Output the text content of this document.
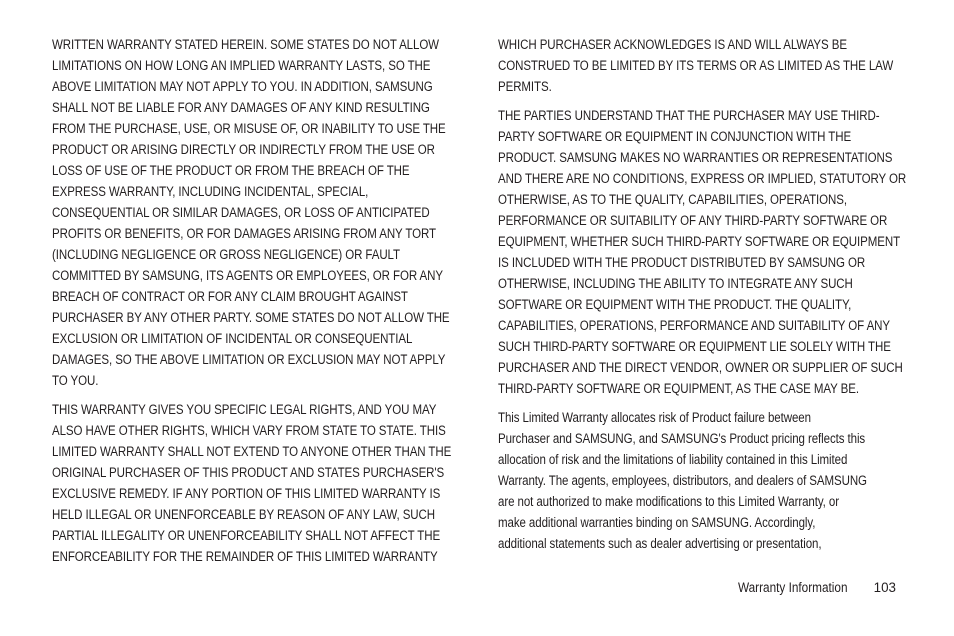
WRITTEN WARRANTY STATED HEREIN. SOME STATES DO NOT ALLOW
LIMITATIONS ON HOW LONG AN IMPLIED WARRANTY LASTS, SO THE
ABOVE LIMITATION MAY NOT APPLY TO YOU. IN ADDITION, SAMSUNG
SHALL NOT BE LIABLE FOR ANY DAMAGES OF ANY KIND RESULTING
FROM THE PURCHASE, USE, OR MISUSE OF, OR INABILITY TO USE THE
PRODUCT OR ARISING DIRECTLY OR INDIRECTLY FROM THE USE OR
LOSS OF USE OF THE PRODUCT OR FROM THE BREACH OF THE
EXPRESS WARRANTY, INCLUDING INCIDENTAL, SPECIAL,
CONSEQUENTIAL OR SIMILAR DAMAGES, OR LOSS OF ANTICIPATED
PROFITS OR BENEFITS, OR FOR DAMAGES ARISING FROM ANY TORT
(INCLUDING NEGLIGENCE OR GROSS NEGLIGENCE) OR FAULT
COMMITTED BY SAMSUNG, ITS AGENTS OR EMPLOYEES, OR FOR ANY
BREACH OF CONTRACT OR FOR ANY CLAIM BROUGHT AGAINST
PURCHASER BY ANY OTHER PARTY. SOME STATES DO NOT ALLOW THE
EXCLUSION OR LIMITATION OF INCIDENTAL OR CONSEQUENTIAL
DAMAGES, SO THE ABOVE LIMITATION OR EXCLUSION MAY NOT APPLY
TO YOU.
THIS WARRANTY GIVES YOU SPECIFIC LEGAL RIGHTS, AND YOU MAY
ALSO HAVE OTHER RIGHTS, WHICH VARY FROM STATE TO STATE. THIS
LIMITED WARRANTY SHALL NOT EXTEND TO ANYONE OTHER THAN THE
ORIGINAL PURCHASER OF THIS PRODUCT AND STATES PURCHASER'S
EXCLUSIVE REMEDY. IF ANY PORTION OF THIS LIMITED WARRANTY IS
HELD ILLEGAL OR UNENFORCEABLE BY REASON OF ANY LAW, SUCH
PARTIAL ILLEGALITY OR UNENFORCEABILITY SHALL NOT AFFECT THE
ENFORCEABILITY FOR THE REMAINDER OF THIS LIMITED WARRANTY
WHICH PURCHASER ACKNOWLEDGES IS AND WILL ALWAYS BE
CONSTRUED TO BE LIMITED BY ITS TERMS OR AS LIMITED AS THE LAW
PERMITS.
THE PARTIES UNDERSTAND THAT THE PURCHASER MAY USE THIRD-
PARTY SOFTWARE OR EQUIPMENT IN CONJUNCTION WITH THE
PRODUCT. SAMSUNG MAKES NO WARRANTIES OR REPRESENTATIONS
AND THERE ARE NO CONDITIONS, EXPRESS OR IMPLIED, STATUTORY OR
OTHERWISE, AS TO THE QUALITY, CAPABILITIES, OPERATIONS,
PERFORMANCE OR SUITABILITY OF ANY THIRD-PARTY SOFTWARE OR
EQUIPMENT, WHETHER SUCH THIRD-PARTY SOFTWARE OR EQUIPMENT
IS INCLUDED WITH THE PRODUCT DISTRIBUTED BY SAMSUNG OR
OTHERWISE, INCLUDING THE ABILITY TO INTEGRATE ANY SUCH
SOFTWARE OR EQUIPMENT WITH THE PRODUCT. THE QUALITY,
CAPABILITIES, OPERATIONS, PERFORMANCE AND SUITABILITY OF ANY
SUCH THIRD-PARTY SOFTWARE OR EQUIPMENT LIE SOLELY WITH THE
PURCHASER AND THE DIRECT VENDOR, OWNER OR SUPPLIER OF SUCH
THIRD-PARTY SOFTWARE OR EQUIPMENT, AS THE CASE MAY BE.
This Limited Warranty allocates risk of Product failure between
Purchaser and SAMSUNG, and SAMSUNG's Product pricing reflects this
allocation of risk and the limitations of liability contained in this Limited
Warranty. The agents, employees, distributors, and dealers of SAMSUNG
are not authorized to make modifications to this Limited Warranty, or
make additional warranties binding on SAMSUNG. Accordingly,
additional statements such as dealer advertising or presentation,
Warranty Information 103
